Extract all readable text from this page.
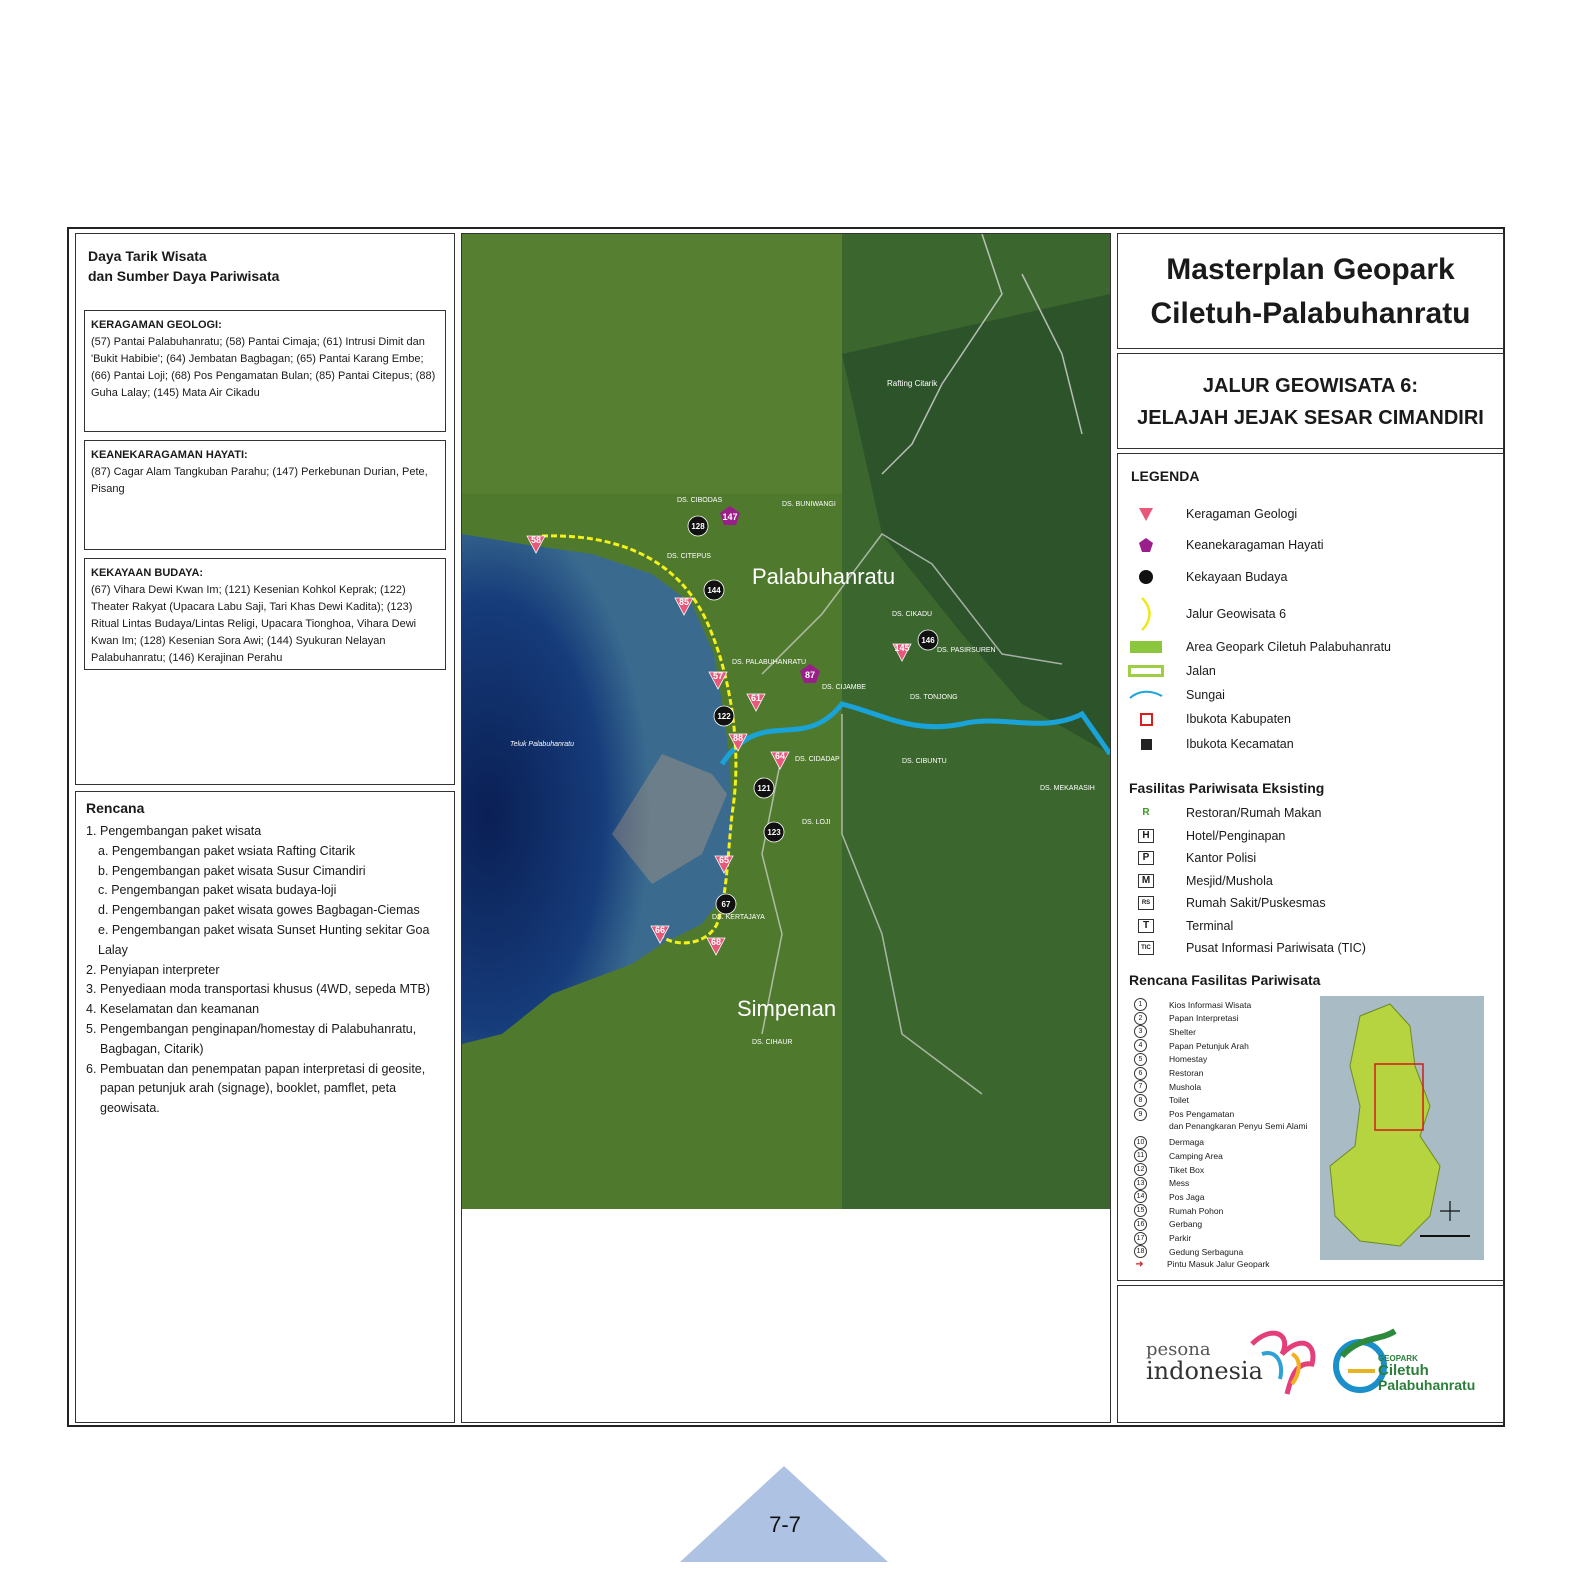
Daya Tarik Wisata
dan Sumber Daya Pariwisata
KERAGAMAN GEOLOGI:
(57) Pantai Palabuhanratu; (58) Pantai Cimaja; (61) Intrusi Dimit dan 'Bukit Habibie'; (64) Jembatan Bagbagan; (65) Pantai Karang Embe; (66) Pantai Loji; (68) Pos Pengamatan Bulan; (85) Pantai Citepus; (88) Guha Lalay; (145) Mata Air Cikadu
KEANEKARAGAMAN HAYATI:
(87) Cagar Alam Tangkuban Parahu; (147) Perkebunan Durian, Pete, Pisang
KEKAYAAN BUDAYA:
(67) Vihara Dewi Kwan Im; (121) Kesenian Kohkol Keprak; (122) Theater Rakyat (Upacara Labu Saji, Tari Khas Dewi Kadita); (123) Ritual Lintas Budaya/Lintas Religi, Upacara Tionghoa, Vihara Dewi Kwan Im; (128) Kesenian Sora Awi; (144) Syukuran Nelayan Palabuhanratu; (146) Kerajinan Perahu
Rencana
1. Pengembangan paket wisata
a. Pengembangan paket wsiata Rafting Citarik
b. Pengembangan paket wisata Susur Cimandiri
c. Pengembangan paket wisata budaya-loji
d. Pengembangan paket wisata gowes Bagbagan-Ciemas
e. Pengembangan paket wisata Sunset Hunting sekitar Goa Lalay
2. Penyiapan interpreter
3. Penyediaan moda transportasi khusus (4WD, sepeda MTB)
4. Keselamatan dan keamanan
5. Pengembangan penginapan/homestay di Palabuhanratu, Bagbagan, Citarik)
6. Pembuatan dan penempatan papan interpretasi di geosite, papan petunjuk arah (signage), booklet, pamflet, peta geowisata.
Palabuhanratu
Simpenan
Teluk Palabuhanratu
Rafting Citarik
DS. CIBODAS
DS. BUNIWANGI
DS. CITEPUS
DS. CIKADU
DS. PASIRSUREN
DS. PALABUHANRATU
DS. CIJAMBE
DS. TONJONG
DS. CIDADAP	DS. CIBUNTU
DS. MEKARASIH
DS. LOJI
DS. KERTAJAYA
DS. CIHAUR
58
85
57
61
88
64
65
66
68
145
147
87
128
144
146
122
121
123
67
Masterplan Geopark
Ciletuh-Palabuhanratu
JALUR GEOWISATA 6:
JELAJAH JEJAK SESAR CIMANDIRI
LEGENDA
Keragaman Geologi
Keanekaragaman Hayati
Kekayaan Budaya
Jalur Geowisata 6
Area Geopark Ciletuh Palabuhanratu
Jalan
Sungai
Ibukota Kabupaten
Ibukota Kecamatan
Fasilitas Pariwisata Eksisting
R	Restoran/Rumah Makan
H	Hotel/Penginapan
P	Kantor Polisi
M	Mesjid/Mushola
RS	Rumah Sakit/Puskesmas
T	Terminal
TIC	Pusat Informasi Pariwisata (TIC)
Rencana Fasilitas Pariwisata
1	Kios Informasi Wisata
2	Papan Interpretasi
3	Shelter
4	Papan Petunjuk Arah
5	Homestay
6	Restoran
7	Mushola
8	Toilet
9	Pos Pengamatan
dan Penangkaran Penyu Semi Alami
10	Dermaga
11	Camping Area
12	Tiket Box
13	Mess
14	Pos Jaga
15	Rumah Pohon
16	Gerbang
17	Parkir
18	Gedung Serbaguna
➜	Pintu Masuk Jalur Geopark
pesona
indonesia	GEOPARK
Ciletuh
Palabuhanratu
7-7
